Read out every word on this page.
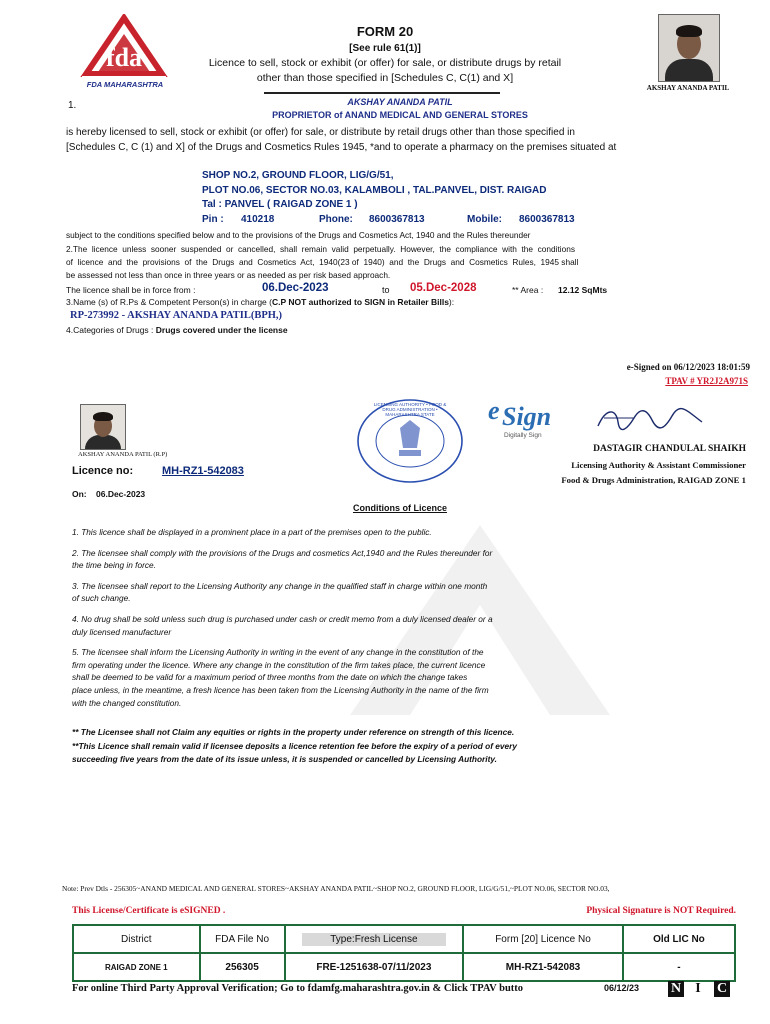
fda
FDA MAHARASHTRA
FORM 20
[See rule 61(1)]
Licence to sell, stock or exhibit (or offer) for sale, or distribute drugs by retail
other than those specified in [Schedules C, C(1) and X]
AKSHAY ANANDA PATIL
1.	AKSHAY ANANDA PATIL
PROPRIETOR of ANAND MEDICAL AND GENERAL STORES
is hereby licensed to sell, stock or exhibit (or offer) for sale, or distribute by retail drugs other than those specified in
[Schedules C, C (1) and X] of the Drugs and Cosmetics Rules 1945, *and to operate a pharmacy on the premises situated at
SHOP NO.2, GROUND FLOOR, LIG/G/51,
PLOT NO.06, SECTOR NO.03, KALAMBOLI , TAL.PANVEL, DIST. RAIGAD
Tal : PANVEL ( RAIGAD ZONE 1 )
Pin : 410218	Phone: 8600367813	Mobile: 8600367813
subject to the conditions specified below and to the provisions of the Drugs and Cosmetics Act, 1940 and the Rules thereunder
2.The  licence  unless  sooner  suspended  or  cancelled,  shall  remain  valid  perpetually.  However,  the  compliance  with  the  conditions
of  licence  and  the  provisions  of  the  Drugs  and  Cosmetics  Act,  1940(23 of  1940)  and  the  Drugs  and  Cosmetics  Rules,  1945 shall
be assessed not less than once in three years or as needed as per risk based approach.
The licence shall be in force from :	06.Dec-2023	to 05.Dec-2028	** Area : 12.12 SqMts
3.Name (s) of R.Ps & Competent Person(s) in charge (C.P NOT authorized to SIGN in Retailer Bills):
RP-273992 - AKSHAY ANANDA PATIL(BPH,)
4.Categories of Drugs : Drugs covered under the license
e-Signed on 06/12/2023 18:01:59
TPAV # YR2J2A971S
AKSHAY ANANDA PATIL (R.P)
LICENSING AUTHORITY • FOOD & DRUG ADMINISTRATION • MAHARASHTRA STATE	e Sign
Digitally Sign
DASTAGIR CHANDULAL SHAIKH
Licensing Authority & Assistant Commissioner
Food & Drugs Administration, RAIGAD ZONE 1
Licence no:	MH-RZ1-542083
On: 06.Dec-2023
Conditions of Licence

1. This licence shall be displayed in a prominent place in a part of the premises open to the public.

2. The licensee shall comply with the provisions of the Drugs and cosmetics Act,1940 and the Rules thereunder for

the time being in force.

3. The licensee shall report to the Licensing Authority any change in the qualified staff in charge within one month

of such change.

4. No drug shall be sold unless such drug is purchased under cash or credit memo from a duly licensed dealer or a

duly licensed manufacturer

5. The licensee shall inform the Licensing Authority in writing in the event of any change in the constitution of the

firm operating under the licence. Where any change in the constitution of the firm takes place, the current licence

shall be deemed to be valid for a maximum period of three months from the date on which the change takes

place unless, in the meantime, a fresh licence has been taken from the Licensing Authority in the name of the firm

with the changed constitution.

** The Licensee shall not Claim any equities or rights in the property under reference on strength of this licence.
**This Licence shall remain valid if licensee deposits a licence retention fee before the expiry of a period of every
succeeding five years from the date of its issue unless, it is suspended or cancelled by Licensing Authority.
Note: Prev Dtls - 256305~ANAND MEDICAL AND GENERAL STORES~AKSHAY ANANDA PATIL~SHOP NO.2, GROUND FLOOR, LIG/G/51,~PLOT NO.06, SECTOR NO.03,
This License/Certificate is eSIGNED .	Physical Signature is NOT Required.
District	FDA File No	Type:Fresh License	Form [20] Licence No	Old LIC No
RAIGAD ZONE 1	256305	FRE-1251638-07/11/2023	MH-RZ1-542083	-
For online Third Party Approval Verification; Go to fdamfg.maharashtra.gov.in & Click TPAV butto	06/12/23 N	I	C
